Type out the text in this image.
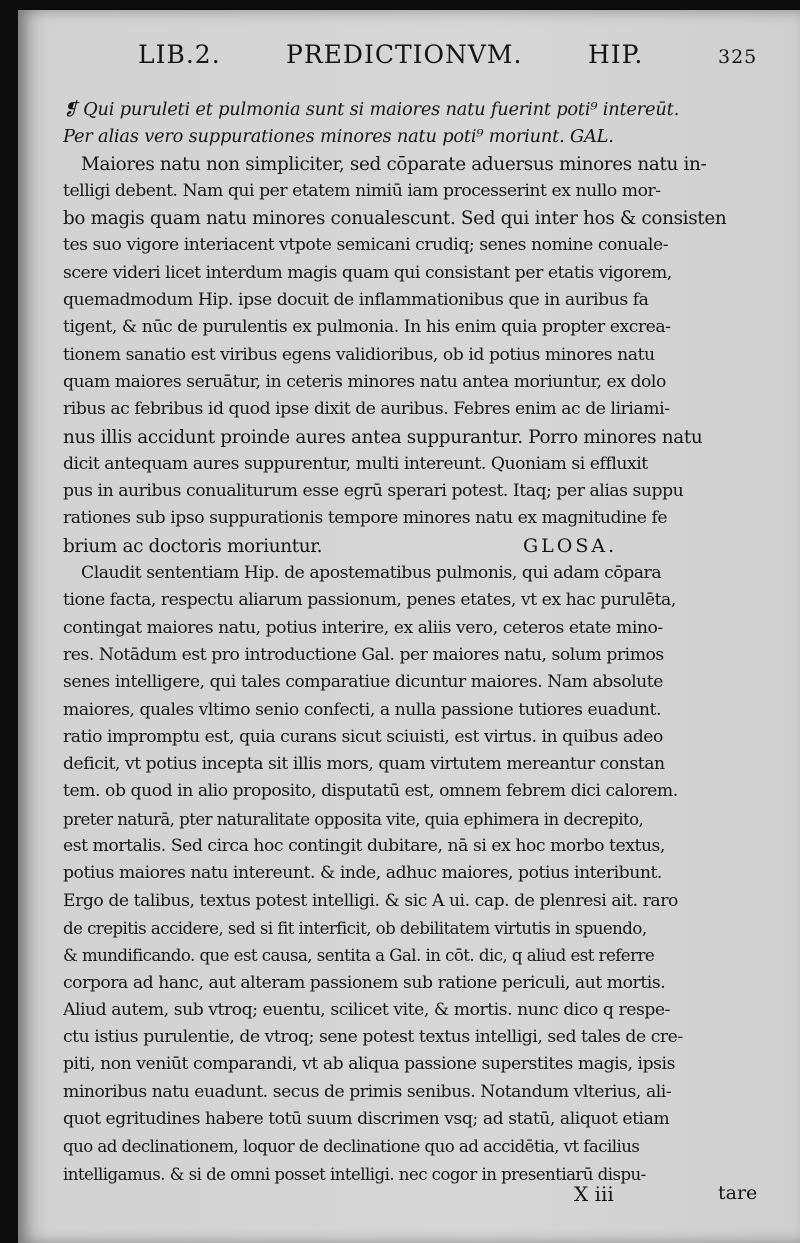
LIB.2.	PREDICTIONVM.	HIP.	325
❡ Qui puruleti et pulmonia sunt si maiores natu fuerint poti⁹ intereūt.
Per alias vero suppurationes minores natu poti⁹ moriunt. GAL.
Maiores natu non simpliciter, sed cōparate aduersus minores natu in-
telligi debent. Nam qui per etatem nimiū iam processerint ex nullo mor-
bo magis quam natu minores conualescunt. Sed qui inter hos & consisten
tes suo vigore interiacent vtpote semicani crudiq; senes nomine conuale-
scere videri licet interdum magis quam qui consistant per etatis vigorem,
quemadmodum Hip. ipse docuit de inflammationibus que in auribus fa
tigent, & nūc de purulentis ex pulmonia. In his enim quia propter excrea-
tionem sanatio est viribus egens validioribus, ob id potius minores natu
quam maiores seruātur, in ceteris minores natu antea moriuntur, ex dolo
ribus ac febribus id quod ipse dixit de auribus. Febres enim ac de liriami-
nus illis accidunt proinde aures antea suppurantur. Porro minores natu
dicit antequam aures suppurentur, multi intereunt. Quoniam si effluxit
pus in auribus conualiturum esse egrū sperari potest. Itaq; per alias suppu
rationes sub ipso suppurationis tempore minores natu ex magnitudine fe
brium ac doctoris moriuntur.	GLOSA.
Claudit sententiam Hip. de apostematibus pulmonis, qui adam cōpara
tione facta, respectu aliarum passionum, penes etates, vt ex hac purulēta,
contingat maiores natu, potius interire, ex aliis vero, ceteros etate mino-
res. Notādum est pro introductione Gal. per maiores natu, solum primos
senes intelligere, qui tales comparatiue dicuntur maiores. Nam absolute
maiores, quales vltimo senio confecti, a nulla passione tutiores euadunt.
ratio impromptu est, quia curans sicut sciuisti, est virtus. in quibus adeo
deficit, vt potius incepta sit illis mors, quam virtutem mereantur constan
tem. ob quod in alio proposito, disputatū est, omnem febrem dici calorem.
preter naturā, pter naturalitate opposita vite, quia ephimera in decrepito,
est mortalis. Sed circa hoc contingit dubitare, nā si ex hoc morbo textus,
potius maiores natu intereunt. & inde, adhuc maiores, potius interibunt.
Ergo de talibus, textus potest intelligi. & sic A ui. cap. de plenresi ait. raro
de crepitis accidere, sed si fit interficit, ob debilitatem virtutis in spuendo,
& mundificando. que est causa, sentita a Gal. in cōt. dic, q aliud est referre
corpora ad hanc, aut alteram passionem sub ratione periculi, aut mortis.
Aliud autem, sub vtroq; euentu, scilicet vite, & mortis. nunc dico q respe-
ctu istius purulentie, de vtroq; sene potest textus intelligi, sed tales de cre-
piti, non veniūt comparandi, vt ab aliqua passione superstites magis, ipsis
minoribus natu euadunt. secus de primis senibus. Notandum vlterius, ali-
quot egritudines habere totū suum discrimen vsq; ad statū, aliquot etiam
quo ad declinationem, loquor de declinatione quo ad accidētia, vt facilius
intelligamus. & si de omni posset intelligi. nec cogor in presentiarū dispu-
X iii	tare
